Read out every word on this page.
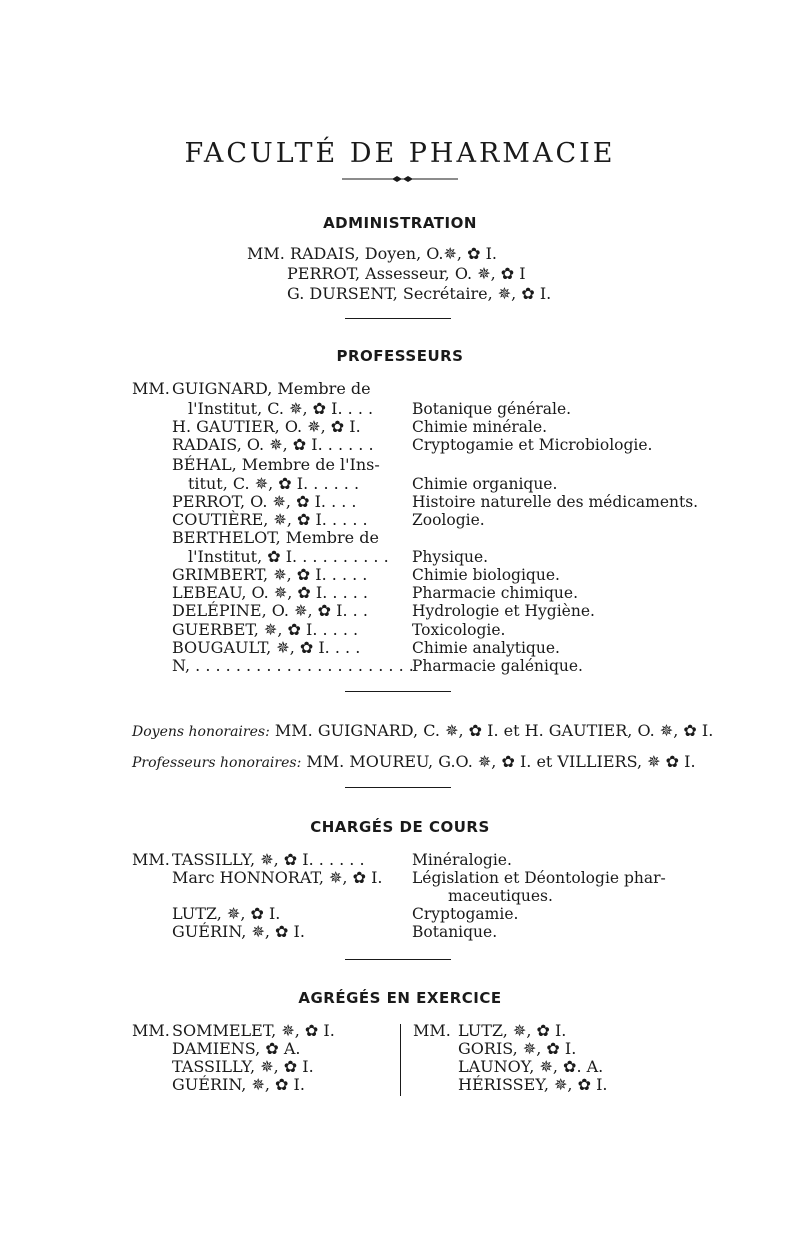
FACULTÉ DE PHARMACIE
ADMINISTRATION
MM. RADAIS, Doyen, O.✵, ✿ I.
PERROT, Assesseur, O. ✵, ✿ I
G. DURSENT, Secrétaire, ✵, ✿ I.
PROFESSEURS
MM. GUIGNARD, Membre de
l'Institut, C. ✵, ✿ I. . . .
H. GAUTIER, O. ✵, ✿ I.
RADAIS, O. ✵, ✿ I. . . . . .
BÉHAL, Membre de l'Ins-
titut, C. ✵, ✿ I. . . . . .
PERROT, O. ✵, ✿ I. . . .
COUTIÈRE, ✵, ✿ I. . . . .
BERTHELOT, Membre de
l'Institut, ✿ I. . . . . . . . . .
GRIMBERT, ✵, ✿ I. . . . .
LEBEAU, O. ✵, ✿ I. . . . .
DELÉPINE, O. ✵, ✿ I. . .
GUERBET, ✵, ✿ I. . . . .
BOUGAULT, ✵, ✿ I. . . .
N, . . . . . . . . . . . . . . . . . . . . . .
Botanique générale.
Chimie minérale.
Cryptogamie et Microbiologie.
Chimie organique.
Histoire naturelle des médicaments.
Zoologie.
Physique.
Chimie biologique.
Pharmacie chimique.
Hydrologie et Hygiène.
Toxicologie.
Chimie analytique.
Pharmacie galénique.
Doyens honoraires: MM. GUIGNARD, C. ✵, ✿ I. et H. GAUTIER, O. ✵, ✿ I.
Professeurs honoraires: MM. MOUREU, G.O. ✵, ✿ I. et VILLIERS, ✵ ✿ I.
CHARGÉS DE COURS
MM. TASSILLY, ✵, ✿ I. . . . . .
Marc HONNORAT, ✵, ✿ I.
LUTZ, ✵, ✿ I.
GUÉRIN, ✵, ✿ I.
Minéralogie.
Législation et Déontologie phar-
maceutiques.
Cryptogamie.
Botanique.
AGRÉGÉS EN EXERCICE
MM. SOMMELET, ✵, ✿ I.
DAMIENS, ✿ A.
TASSILLY, ✵, ✿ I.
GUÉRIN, ✵, ✿ I.
MM. LUTZ, ✵, ✿ I.
GORIS, ✵, ✿ I.
LAUNOY, ✵, ✿. A.
HÉRISSEY, ✵, ✿ I.
